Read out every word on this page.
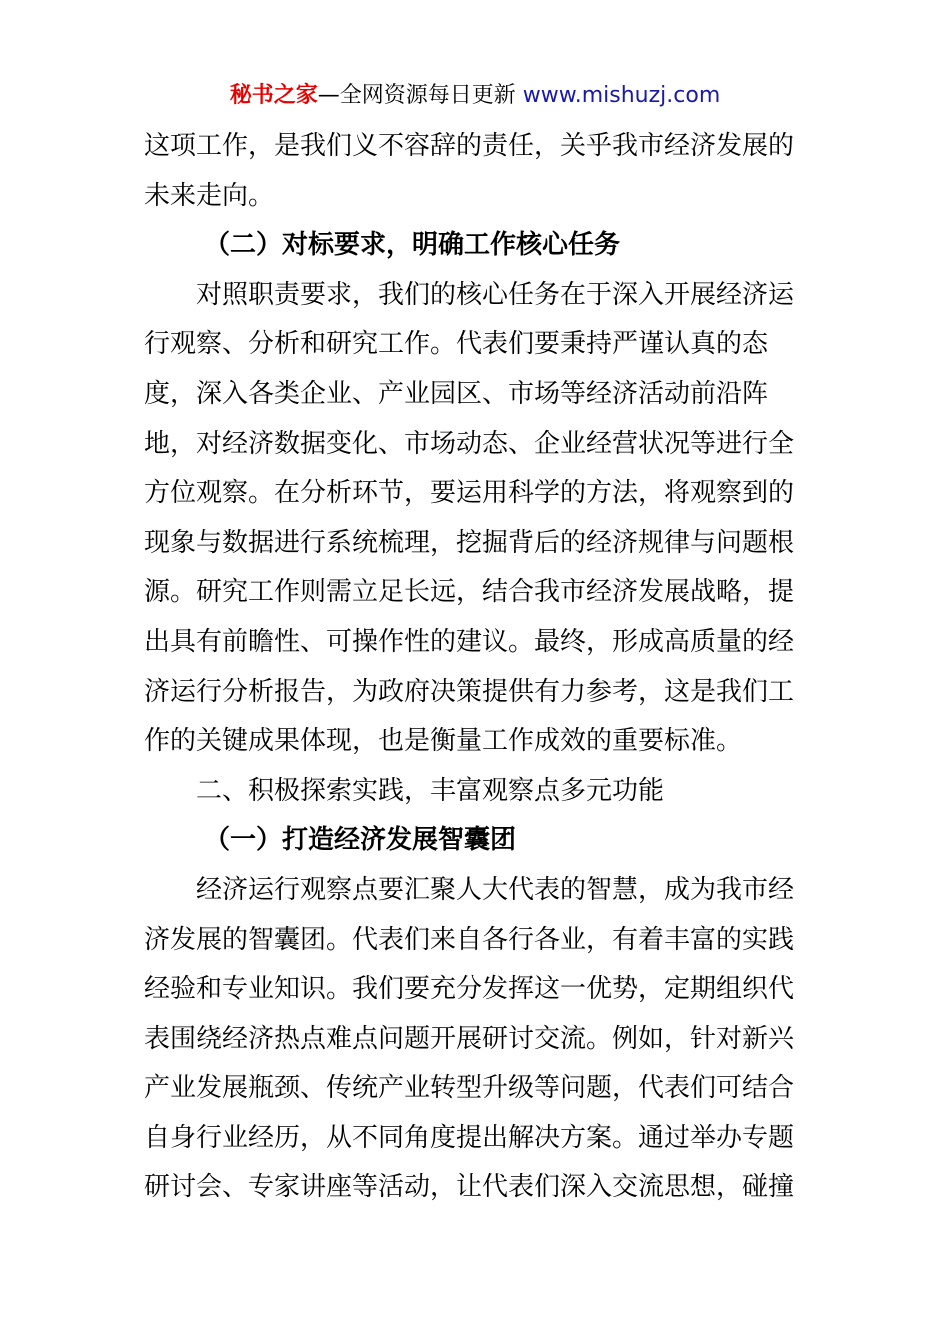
秘书之家—全网资源每日更新 www.mishuzj.com
这项工作，是我们义不容辞的责任，关乎我市经济发展的
未来走向。
（二）对标要求，明确工作核心任务
对照职责要求，我们的核心任务在于深入开展经济运
行观察、分析和研究工作。代表们要秉持严谨认真的态
度，深入各类企业、产业园区、市场等经济活动前沿阵
地，对经济数据变化、市场动态、企业经营状况等进行全
方位观察。在分析环节，要运用科学的方法，将观察到的
现象与数据进行系统梳理，挖掘背后的经济规律与问题根
源。研究工作则需立足长远，结合我市经济发展战略，提
出具有前瞻性、可操作性的建议。最终，形成高质量的经
济运行分析报告，为政府决策提供有力参考，这是我们工
作的关键成果体现，也是衡量工作成效的重要标准。
二、积极探索实践，丰富观察点多元功能
（一）打造经济发展智囊团
经济运行观察点要汇聚人大代表的智慧，成为我市经
济发展的智囊团。代表们来自各行各业，有着丰富的实践
经验和专业知识。我们要充分发挥这一优势，定期组织代
表围绕经济热点难点问题开展研讨交流。例如，针对新兴
产业发展瓶颈、传统产业转型升级等问题，代表们可结合
自身行业经历，从不同角度提出解决方案。通过举办专题
研讨会、专家讲座等活动，让代表们深入交流思想，碰撞
